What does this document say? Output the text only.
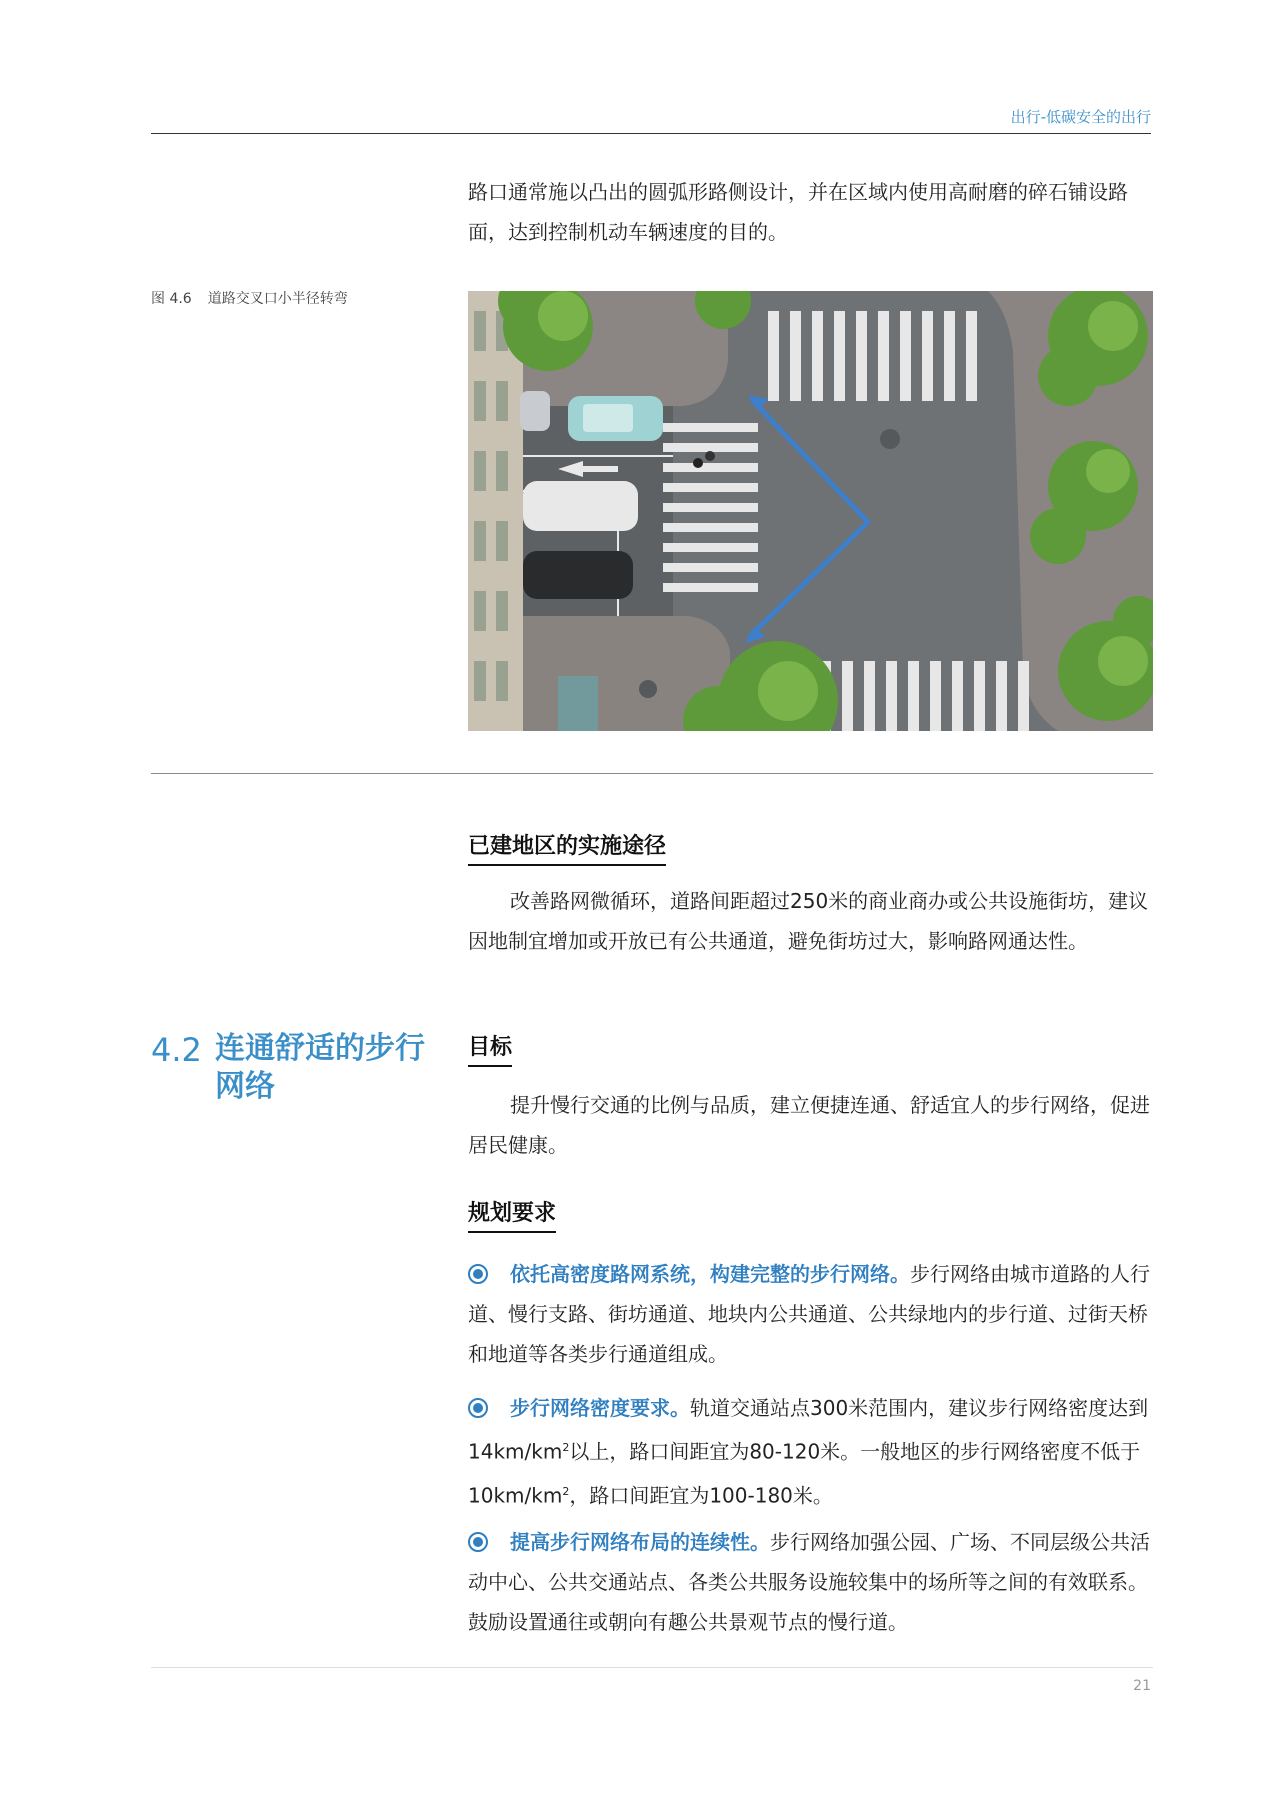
出行-低碳安全的出行

路口通常施以凸出的圆弧形路侧设计，并在区域内使用高耐磨的碎石铺设路面，达到控制机动车辆速度的目的。

图 4.6 道路交叉口小半径转弯
已建地区的实施途径

改善路网微循环，道路间距超过250米的商业商办或公共设施街坊，建议因地制宜增加或开放已有公共通道，避免街坊过大，影响路网通达性。

4.2 连通舒适的步行网络
目标

提升慢行交通的比例与品质，建立便捷连通、舒适宜人的步行网络，促进居民健康。

规划要求

依托高密度路网系统，构建完整的步行网络。步行网络由城市道路的人行道、慢行支路、街坊通道、地块内公共通道、公共绿地内的步行道、过街天桥和地道等各类步行通道组成。

步行网络密度要求。轨道交通站点300米范围内，建议步行网络密度达到$14km/km^2$以上，路口间距宜为80-120米。一般地区的步行网络密度不低于$10km/km^2$，路口间距宜为100-180米。

提高步行网络布局的连续性。步行网络加强公园、广场、不同层级公共活动中心、公共交通站点、各类公共服务设施较集中的场所等之间的有效联系。鼓励设置通往或朝向有趣公共景观节点的慢行道。

21
